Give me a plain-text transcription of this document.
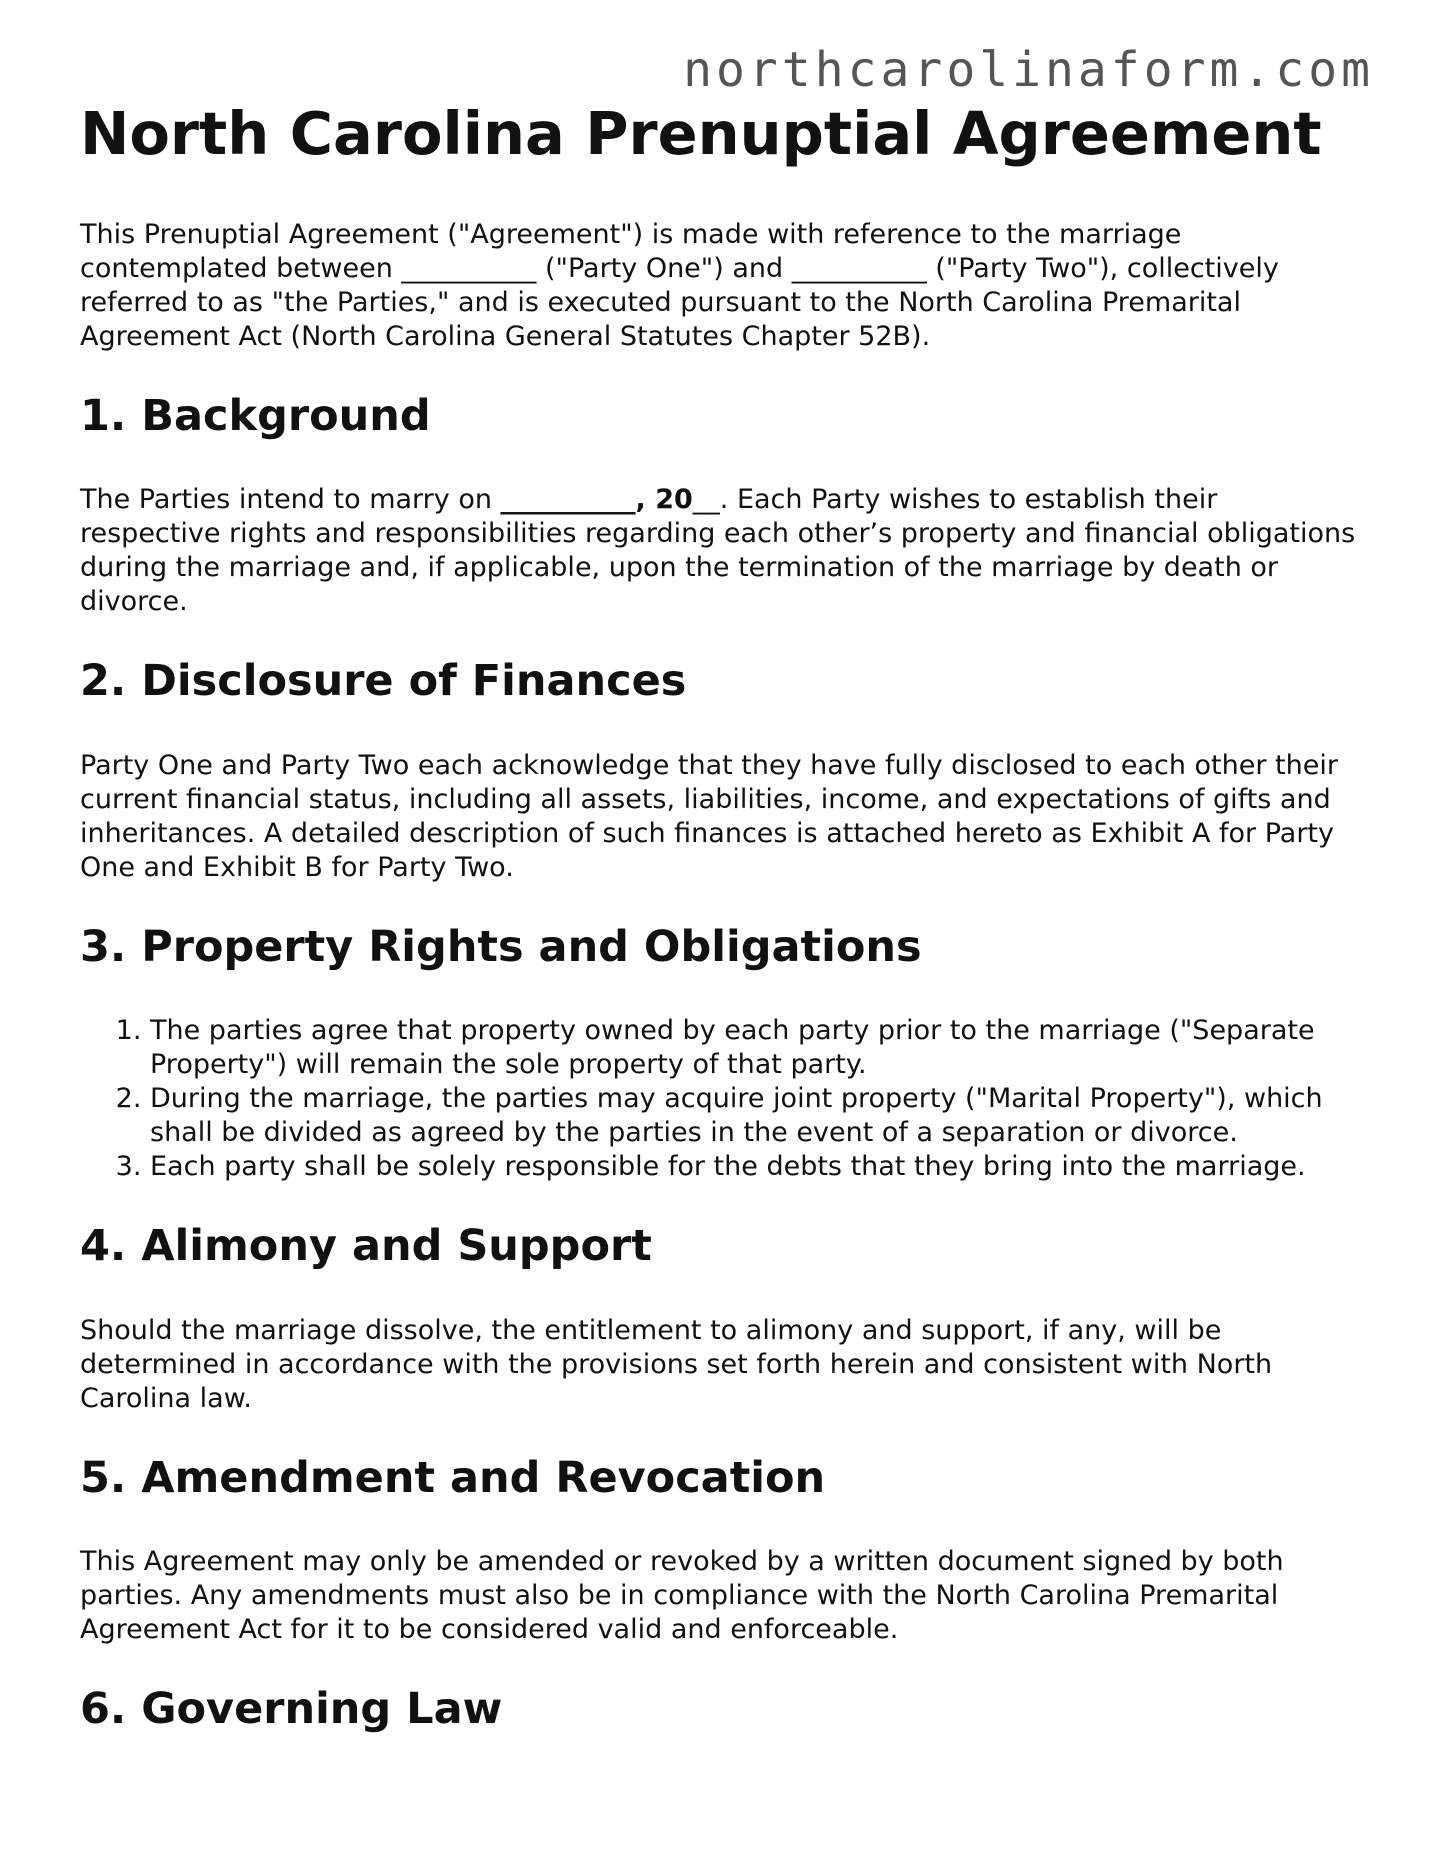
northcarolinaform.com
North Carolina Prenuptial Agreement

This Prenuptial Agreement ("Agreement") is made with reference to the marriage contemplated between __________ ("Party One") and __________ ("Party Two"), collectively referred to as "the Parties," and is executed pursuant to the North Carolina Premarital Agreement Act (North Carolina General Statutes Chapter 52B).

1. Background

The Parties intend to marry on __________, 20__. Each Party wishes to establish their respective rights and responsibilities regarding each other’s property and financial obligations during the marriage and, if applicable, upon the termination of the marriage by death or divorce.

2. Disclosure of Finances

Party One and Party Two each acknowledge that they have fully disclosed to each other their current financial status, including all assets, liabilities, income, and expectations of gifts and inheritances. A detailed description of such finances is attached hereto as Exhibit A for Party One and Exhibit B for Party Two.

3. Property Rights and Obligations
1. The parties agree that property owned by each party prior to the marriage ("Separate Property") will remain the sole property of that party.
2. During the marriage, the parties may acquire joint property ("Marital Property"), which shall be divided as agreed by the parties in the event of a separation or divorce.
3. Each party shall be solely responsible for the debts that they bring into the marriage.
4. Alimony and Support

Should the marriage dissolve, the entitlement to alimony and support, if any, will be determined in accordance with the provisions set forth herein and consistent with North Carolina law.

5. Amendment and Revocation

This Agreement may only be amended or revoked by a written document signed by both parties. Any amendments must also be in compliance with the North Carolina Premarital Agreement Act for it to be considered valid and enforceable.

6. Governing Law
